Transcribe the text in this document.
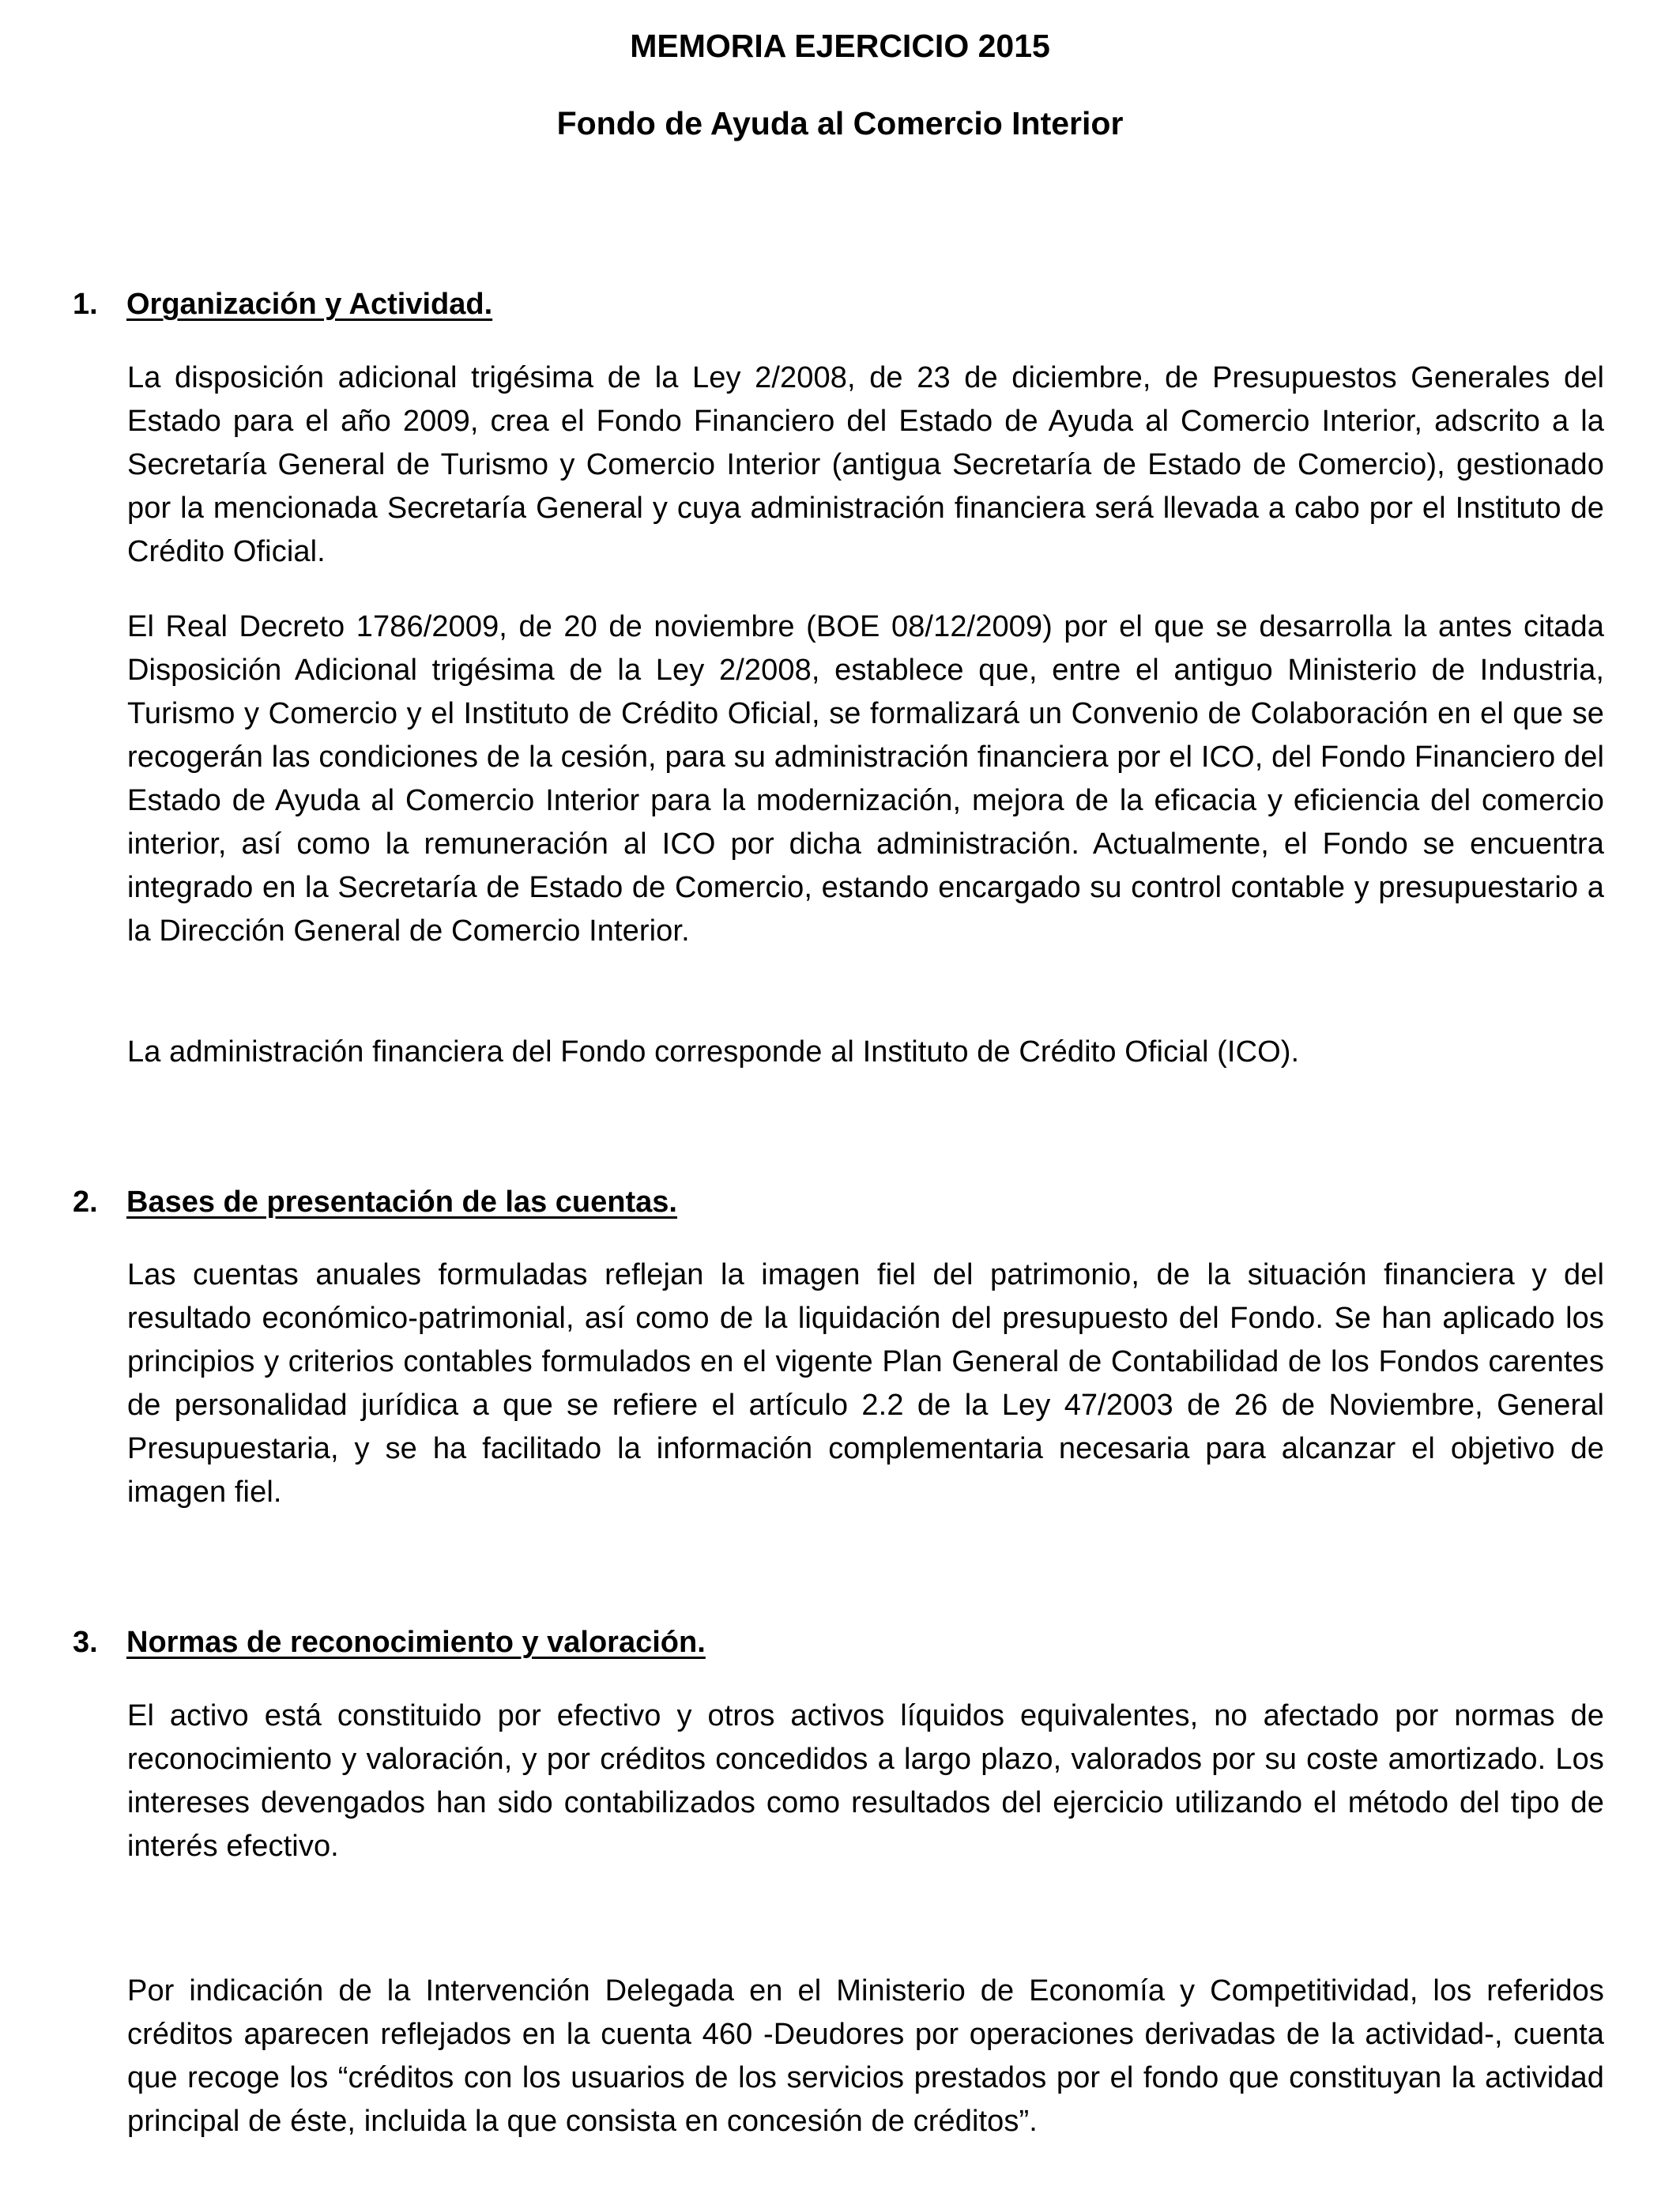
MEMORIA EJERCICIO 2015
Fondo de Ayuda al Comercio Interior
1. Organización y Actividad.

La disposición adicional trigésima de la Ley 2/2008, de 23 de diciembre, de Presupuestos Generales del Estado para el año 2009, crea el Fondo Financiero del Estado de Ayuda al Comercio Interior, adscrito a la Secretaría General de Turismo y Comercio Interior (antigua Secretaría de Estado de Comercio), gestionado por la mencionada Secretaría General y cuya administración financiera será llevada a cabo por el Instituto de Crédito Oficial.

El Real Decreto 1786/2009, de 20 de noviembre (BOE 08/12/2009) por el que se desarrolla la antes citada Disposición Adicional trigésima de la Ley 2/2008, establece que, entre el antiguo Ministerio de Industria, Turismo y Comercio y el Instituto de Crédito Oficial, se formalizará un Convenio de Colaboración en el que se recogerán las condiciones de la cesión, para su administración financiera por el ICO, del Fondo Financiero del Estado de Ayuda al Comercio Interior para la modernización, mejora de la eficacia y eficiencia del comercio interior, así como la remuneración al ICO por dicha administración. Actualmente, el Fondo se encuentra integrado en la Secretaría de Estado de Comercio, estando encargado su control contable y presupuestario a la Dirección General de Comercio Interior.

La administración financiera del Fondo corresponde al Instituto de Crédito Oficial (ICO).

2. Bases de presentación de las cuentas.

Las cuentas anuales formuladas reflejan la imagen fiel del patrimonio, de la situación financiera y del resultado económico-patrimonial, así como de la liquidación del presupuesto del Fondo. Se han aplicado los principios y criterios contables formulados en el vigente Plan General de Contabilidad de los Fondos carentes de personalidad jurídica a que se refiere el artículo 2.2 de la Ley 47/2003 de 26 de Noviembre, General Presupuestaria, y se ha facilitado la información complementaria necesaria para alcanzar el objetivo de imagen fiel.

3. Normas de reconocimiento y valoración.

El activo está constituido por efectivo y otros activos líquidos equivalentes, no afectado por normas de reconocimiento y valoración, y por créditos concedidos a largo plazo, valorados por su coste amortizado. Los intereses devengados han sido contabilizados como resultados del ejercicio utilizando el método del tipo de interés efectivo.

Por indicación de la Intervención Delegada en el Ministerio de Economía y Competitividad, los referidos créditos aparecen reflejados en la cuenta 460 -Deudores por operaciones derivadas de la actividad-, cuenta que recoge los “créditos con los usuarios de los servicios prestados por el fondo que constituyan la actividad principal de éste, incluida la que consista en concesión de créditos”.
